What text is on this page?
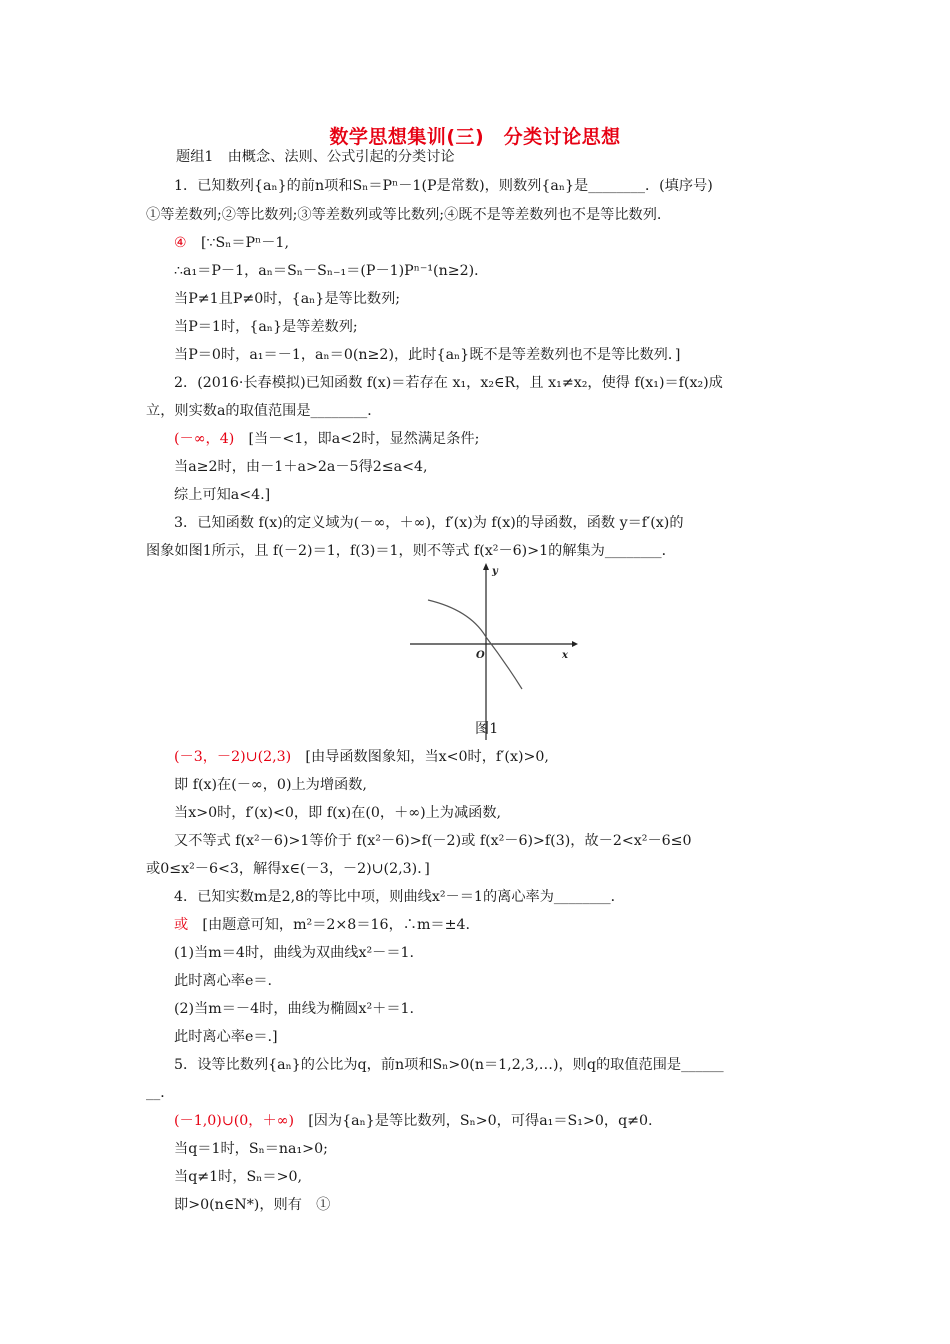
数学思想集训(三)　分类讨论思想
题组1　由概念、法则、公式引起的分类讨论
1．已知数列{aₙ}的前n项和Sₙ＝Pⁿ－1(P是常数)，则数列{aₙ}是________．(填序号)
①等差数列;②等比数列;③等差数列或等比数列;④既不是等差数列也不是等比数列.
④　 [∵Sₙ＝Pⁿ－1,
∴a₁＝P－1，aₙ＝Sₙ－Sₙ₋₁＝(P－1)Pⁿ⁻¹(n≥2)．
当P≠1且P≠0时，{aₙ}是等比数列;
当P＝1时，{aₙ}是等差数列;
当P＝0时，a₁＝－1，aₙ＝0(n≥2)，此时{aₙ}既不是等差数列也不是等比数列．]
2．(2016·长春模拟)已知函数 f(x)＝若存在 x₁，x₂∈R，且 x₁≠x₂，使得 f(x₁)＝f(x₂)成
立，则实数a的取值范围是________．
(－∞，4)　 [当－<1，即a<2时，显然满足条件;
当a≥2时，由－1＋a>2a－5得2≤a<4,
综上可知a<4.]
3．已知函数 f(x)的定义域为(－∞，＋∞)，f′(x)为 f(x)的导函数，函数 y＝f′(x)的
图象如图1所示，且 f(－2)＝1，f(3)＝1，则不等式 f(x²－6)>1的解集为________．
y
x
O
图1
(－3，－2)∪(2,3)　 [由导函数图象知，当x<0时，f′(x)>0,
即 f(x)在(－∞，0)上为增函数,
当x>0时，f′(x)<0，即 f(x)在(0，＋∞)上为减函数,
又不等式 f(x²－6)>1等价于 f(x²－6)>f(－2)或 f(x²－6)>f(3)，故－2<x²－6≤0
或0≤x²－6<3，解得x∈(－3，－2)∪(2,3)．]
4．已知实数m是2,8的等比中项，则曲线x²－＝1的离心率为________．
或　 [由题意可知，m²＝2×8＝16，∴m＝±4.
(1)当m＝4时，曲线为双曲线x²－＝1.
此时离心率e＝.
(2)当m＝－4时，曲线为椭圆x²＋＝1.
此时离心率e＝.]
5．设等比数列{aₙ}的公比为q，前n项和Sₙ>0(n＝1,2,3,…)，则q的取值范围是______
__．
(－1,0)∪(0，＋∞)　 [因为{aₙ}是等比数列，Sₙ>0，可得a₁＝S₁>0，q≠0.
当q＝1时，Sₙ＝na₁>0;
当q≠1时，Sₙ＝>0,
即>0(n∈N*)，则有　①
